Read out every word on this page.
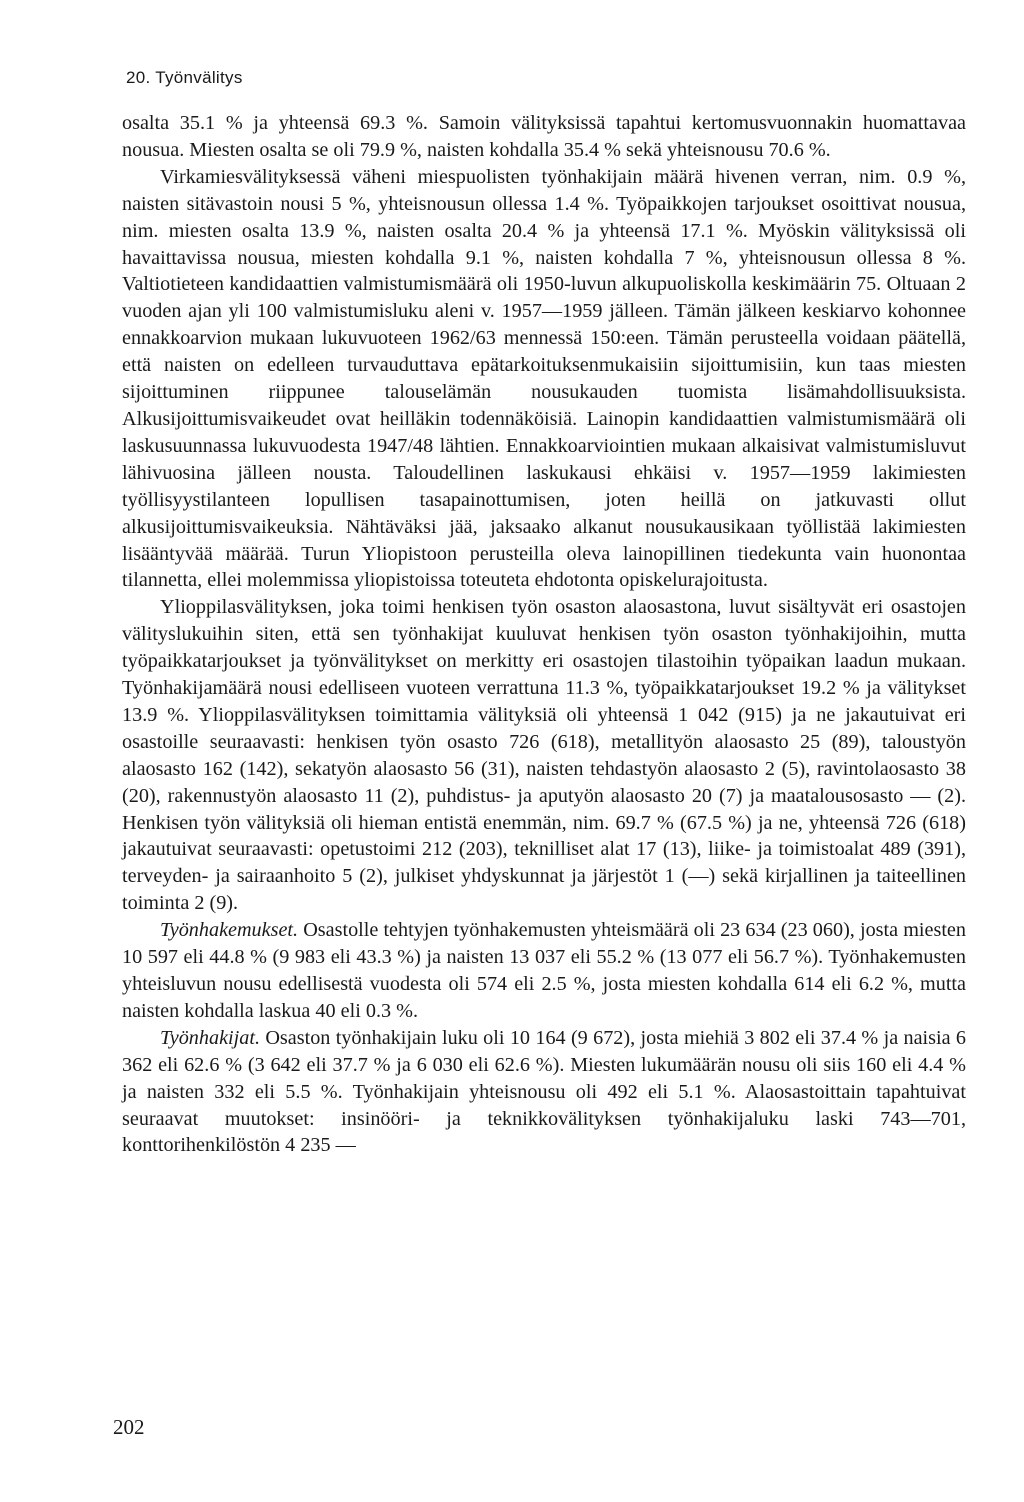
20. Työnvälitys

osalta 35.1 % ja yhteensä 69.3 %. Samoin välityksissä tapahtui kertomusvuonnakin huomattavaa nousua. Miesten osalta se oli 79.9 %, naisten kohdalla 35.4 % sekä yhteisnousu 70.6 %.

Virkamiesvälityksessä väheni miespuolisten työnhakijain määrä hivenen verran, nim. 0.9 %, naisten sitävastoin nousi 5 %, yhteisnousun ollessa 1.4 %. Työpaikkojen tarjoukset osoittivat nousua, nim. miesten osalta 13.9 %, naisten osalta 20.4 % ja yhteensä 17.1 %. Myöskin välityksissä oli havaittavissa nousua, miesten kohdalla 9.1 %, naisten kohdalla 7 %, yhteisnousun ollessa 8 %. Valtiotieteen kandidaattien valmistumismäärä oli 1950-luvun alkupuoliskolla keskimäärin 75. Oltuaan 2 vuoden ajan yli 100 valmistumisluku aleni v. 1957—1959 jälleen. Tämän jälkeen keskiarvo kohonnee ennakkoarvion mukaan lukuvuoteen 1962/63 mennessä 150:een. Tämän perusteella voidaan päätellä, että naisten on edelleen turvauduttava epätarkoituksenmukaisiin sijoittumisiin, kun taas miesten sijoittuminen riippunee talouselämän nousukauden tuomista lisämahdollisuuksista. Alkusijoittumisvaikeudet ovat heilläkin todennäköisiä. Lainopin kandidaattien valmistumismäärä oli laskusuunnassa lukuvuodesta 1947/48 lähtien. Ennakkoarviointien mukaan alkaisivat valmistumisluvut lähivuosina jälleen nousta. Taloudellinen laskukausi ehkäisi v. 1957—1959 lakimiesten työllisyystilanteen lopullisen tasapainottumisen, joten heillä on jatkuvasti ollut alkusijoittumisvaikeuksia. Nähtäväksi jää, jaksaako alkanut nousukausikaan työllistää lakimiesten lisääntyvää määrää. Turun Yliopistoon perusteilla oleva lainopillinen tiedekunta vain huonontaa tilannetta, ellei molemmissa yliopistoissa toteuteta ehdotonta opiskelurajoitusta.

Ylioppilasvälityksen, joka toimi henkisen työn osaston alaosastona, luvut sisältyvät eri osastojen välityslukuihin siten, että sen työnhakijat kuuluvat henkisen työn osaston työnhakijoihin, mutta työpaikkatarjoukset ja työnvälitykset on merkitty eri osastojen tilastoihin työpaikan laadun mukaan. Työnhakijamäärä nousi edelliseen vuoteen verrattuna 11.3 %, työpaikkatarjoukset 19.2 % ja välitykset 13.9 %. Ylioppilasvälityksen toimittamia välityksiä oli yhteensä 1 042 (915) ja ne jakautuivat eri osastoille seuraavasti: henkisen työn osasto 726 (618), metallityön alaosasto 25 (89), taloustyön alaosasto 162 (142), sekatyön alaosasto 56 (31), naisten tehdastyön alaosasto 2 (5), ravintolaosasto 38 (20), rakennustyön alaosasto 11 (2), puhdistus- ja aputyön alaosasto 20 (7) ja maatalousosasto — (2). Henkisen työn välityksiä oli hieman entistä enemmän, nim. 69.7 % (67.5 %) ja ne, yhteensä 726 (618) jakautuivat seuraavasti: opetustoimi 212 (203), teknilliset alat 17 (13), liike- ja toimistoalat 489 (391), terveyden- ja sairaanhoito 5 (2), julkiset yhdyskunnat ja järjestöt 1 (—) sekä kirjallinen ja taiteellinen toiminta 2 (9).

Työnhakemukset. Osastolle tehtyjen työnhakemusten yhteismäärä oli 23 634 (23 060), josta miesten 10 597 eli 44.8 % (9 983 eli 43.3 %) ja naisten 13 037 eli 55.2 % (13 077 eli 56.7 %). Työnhakemusten yhteisluvun nousu edellisestä vuodesta oli 574 eli 2.5 %, josta miesten kohdalla 614 eli 6.2 %, mutta naisten kohdalla laskua 40 eli 0.3 %.

Työnhakijat. Osaston työnhakijain luku oli 10 164 (9 672), josta miehiä 3 802 eli 37.4 % ja naisia 6 362 eli 62.6 % (3 642 eli 37.7 % ja 6 030 eli 62.6 %). Miesten lukumäärän nousu oli siis 160 eli 4.4 % ja naisten 332 eli 5.5 %. Työnhakijain yhteisnousu oli 492 eli 5.1 %. Alaosastoittain tapahtuivat seuraavat muutokset: insinööri- ja teknikkovälityksen työnhakijaluku laski 743—701, konttorihenkilöstön 4 235 —

202
